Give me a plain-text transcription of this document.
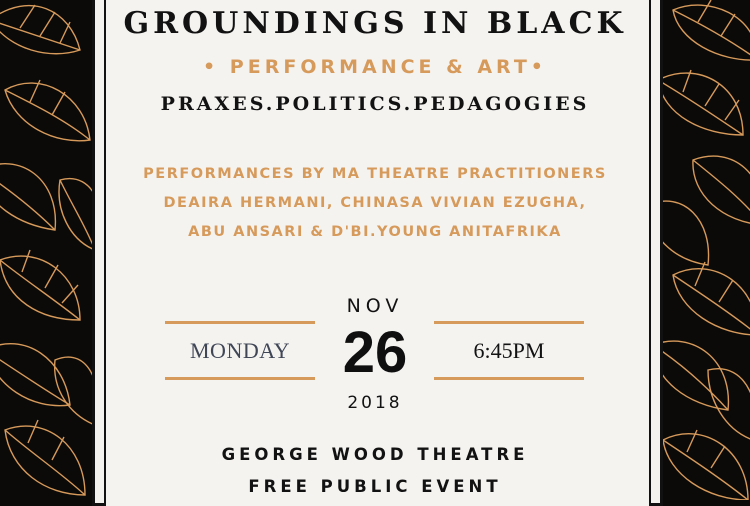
GROUNDINGS IN BLACK
• PERFORMANCE & ART•
PRAXES.POLITICS.PEDAGOGIES
PERFORMANCES BY MA THEATRE PRACTITIONERS
DEAIRA HERMANI, CHINASA VIVIAN EZUGHA,
ABU ANSARI & D'BI.YOUNG ANITAFRIKA
NOV
MONDAY 26	6:45PM
2018
GEORGE WOOD THEATRE
FREE PUBLIC EVENT
